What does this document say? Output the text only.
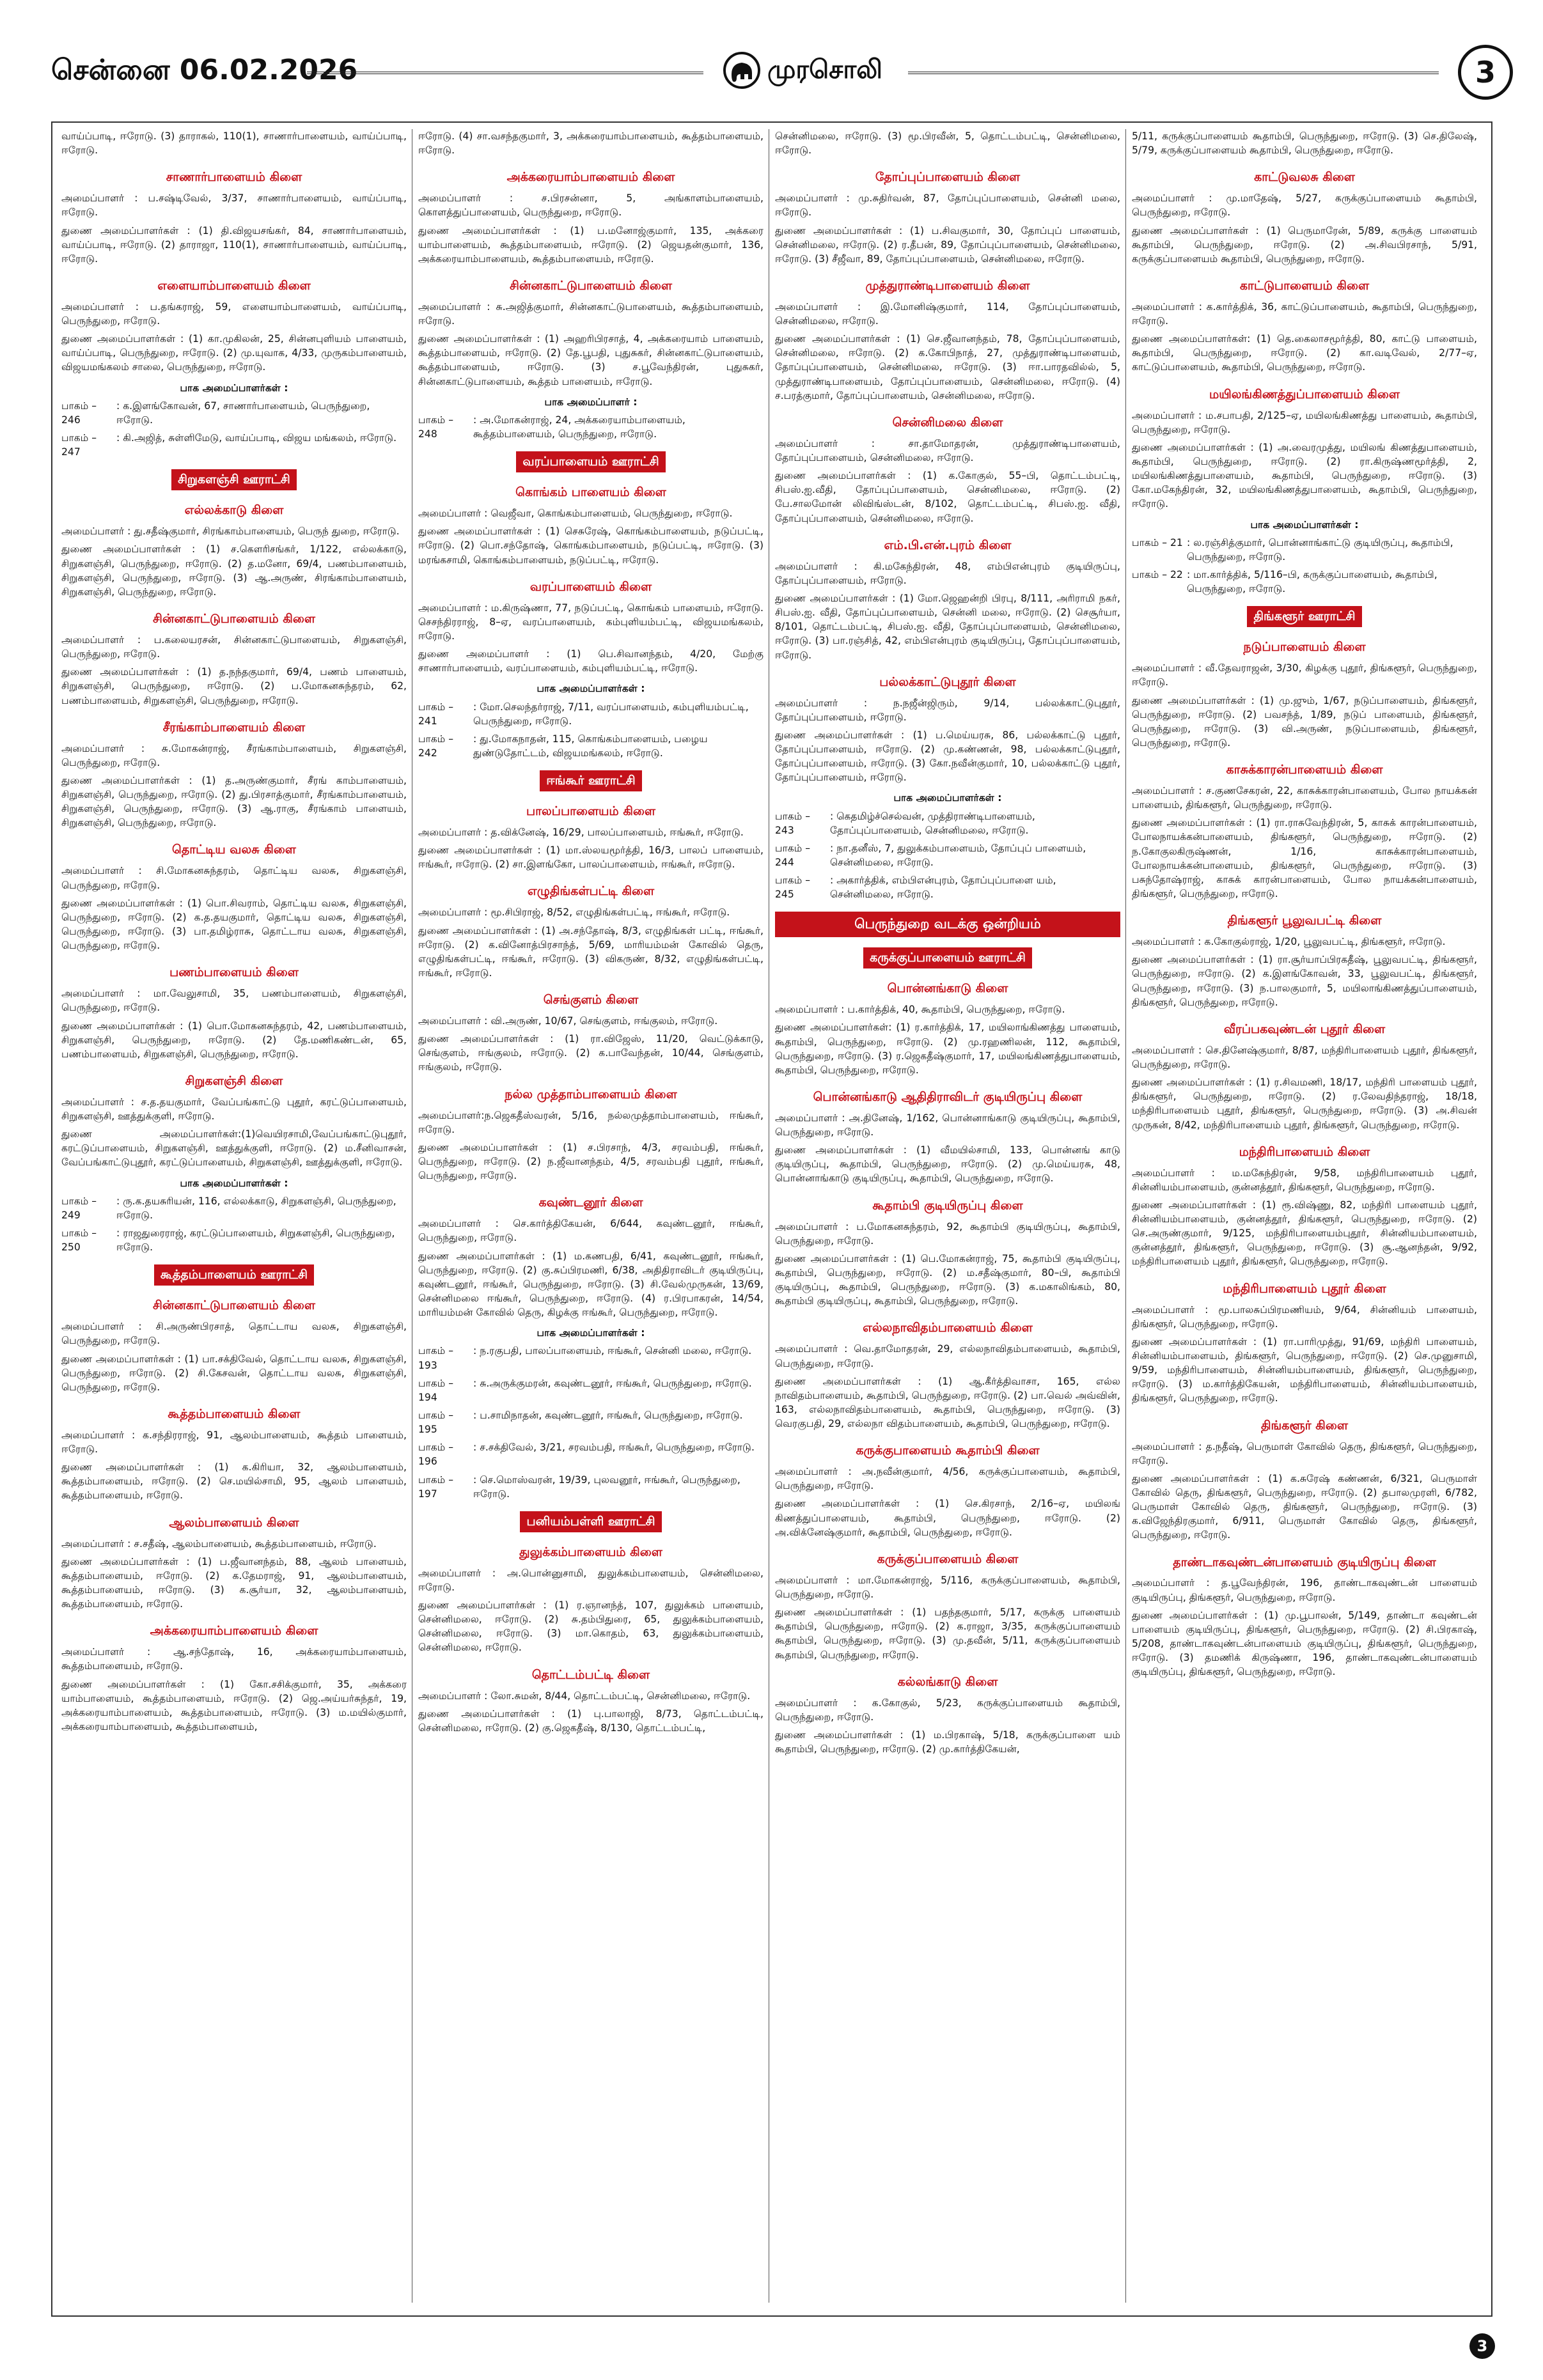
சென்னை 06.02.2026	முரசொலி	3
வாய்ப்பாடி, ஈரோடு. (3) தாராகல், 110(1), சாணார்பாளையம், வாய்ப்பாடி, ஈரோடு.
சாணார்பாளையம் கிளை
அமைப்பாளர் : ப.சஷ்டிவேல், 3/37, சாணார்பாளையம், வாய்ப்பாடி, ஈரோடு.
துணை அமைப்பாளர்கள் : (1) தி.விஜயசங்கர், 84, சாணார்பாளையம், வாய்ப்பாடி, ஈரோடு. (2) தாராஜா, 110(1), சாணார்பாளையம், வாய்ப்பாடி, ஈரோடு.
எளையாம்பாளையம் கிளை
அமைப்பாளர் : ப.தங்கராஜ், 59, எளையாம்பாளையம், வாய்ப்பாடி, பெருந்துறை, ஈரோடு.
துணை அமைப்பாளர்கள் : (1) கா.முகிலன், 25, சின்னபுளியம் பாளையம், வாய்ப்பாடி, பெருந்துறை, ஈரோடு. (2) மு.யுவாக, 4/33, முருகம்பாளையம், விஜயமங்கலம் சாலை, பெருந்துறை, ஈரோடு.
பாக அமைப்பாளர்கள் :
பாகம் – 246
: க.இளங்கோவன், 67, சாணார்பாளையம், பெருந்துறை, ஈரோடு.
பாகம் – 247
: கி.அஜித், சுள்ளிமேடு, வாய்ப்பாடி, விஜய மங்கலம், ஈரோடு.
சிறுகளஞ்சி ஊராட்சி
எல்லக்காடு கிளை
அமைப்பாளர் : து.சதீஷ்குமார், சிரங்காம்பாளையம், பெருந் துறை, ஈரோடு.
துணை அமைப்பாளர்கள் : (1) ச.கௌரிசங்கர், 1/122, எல்லக்காடு, சிறுகளஞ்சி, பெருந்துறை, ஈரோடு. (2) த.மனோ, 69/4, பணம்பாளையம், சிறுகளஞ்சி, பெருந்துறை, ஈரோடு. (3) ஆ.அருண், சிரங்காம்பாளையம், சிறுகளஞ்சி, பெருந்துறை, ஈரோடு.
சின்னகாட்டுபாளையம் கிளை
அமைப்பாளர் : ப.கலையரசன், சின்னகாட்டுபாளையம், சிறுகளஞ்சி, பெருந்துறை, ஈரோடு.
துணை அமைப்பாளர்கள் : (1) த.நந்தகுமார், 69/4, பணம் பாளையம், சிறுகளஞ்சி, பெருந்துறை, ஈரோடு. (2) ப.மோகனசுந்தரம், 62, பணம்பாளையம், சிறுகளஞ்சி, பெருந்துறை, ஈரோடு.
சீரங்காம்பாளையம் கிளை
அமைப்பாளர் : சு.மோகன்ராஜ், சீரங்காம்பாளையம், சிறுகளஞ்சி, பெருந்துறை, ஈரோடு.
துணை அமைப்பாளர்கள் : (1) த.அருண்குமார், சீரங் காம்பாளையம், சிறுகளஞ்சி, பெருந்துறை, ஈரோடு. (2) து.பிரசாத்குமார், சீரங்காம்பாளையம், சிறுகளஞ்சி, பெருந்துறை, ஈரோடு. (3) ஆ.ராகு, சீரங்காம் பாளையம், சிறுகளஞ்சி, பெருந்துறை, ஈரோடு.
தொட்டிய வலசு கிளை
அமைப்பாளர் : சி.மோகனசுந்தரம், தொட்டிய வலசு, சிறுகளஞ்சி, பெருந்துறை, ஈரோடு.
துணை அமைப்பாளர்கள் : (1) பொ.சிவராம், தொட்டிய வலசு, சிறுகளஞ்சி, பெருந்துறை, ஈரோடு. (2) க.த.தயகுமார், தொட்டிய வலசு, சிறுகளஞ்சி, பெருந்துறை, ஈரோடு. (3) பா.தமிழ்ராசு, தொட்டாய வலசு, சிறுகளஞ்சி, பெருந்துறை, ஈரோடு.
பணம்பாளையம் கிளை
அமைப்பாளர் : மா.வேலுசாமி, 35, பணம்பாளையம், சிறுகளஞ்சி, பெருந்துறை, ஈரோடு.
துணை அமைப்பாளர்கள் : (1) பொ.மோகனசுந்தரம், 42, பணம்பாளையம், சிறுகளஞ்சி, பெருந்துறை, ஈரோடு. (2) தே.மணிகண்டன், 65, பணம்பாளையம், சிறுகளஞ்சி, பெருந்துறை, ஈரோடு.
சிறுகளஞ்சி கிளை
அமைப்பாளர் : ச.த.தயகுமார், வேப்பங்காட்டு புதூர், கரட்டுப்பாளையம், சிறுகளஞ்சி, ஊத்துக்குளி, ஈரோடு.
துணை அமைப்பாளர்கள்:(1)வெயிரசாமி,வேப்பங்காட்டுபுதூர், கரட்டுப்பாளையம், சிறுகளஞ்சி, ஊத்துக்குளி, ஈரோடு. (2) ம.சீனிவாசன், வேப்பங்காட்டுபுதூர், கரட்டுப்பாளையம், சிறுகளஞ்சி, ஊத்துக்குளி, ஈரோடு.
பாக அமைப்பாளர்கள் :
பாகம் – 249
: ரு.க.தயசுரியன், 116, எல்லக்காடு, சிறுகளஞ்சி, பெருந்துறை, ஈரோடு.
பாகம் – 250
: ராஜதுரைராஜ், கரட்டுப்பாளையம், சிறுகளஞ்சி, பெருந்துறை, ஈரோடு.
கூத்தம்பாளையம் ஊராட்சி
சின்னகாட்டுபாளையம் கிளை
அமைப்பாளர் : சி.அருண்பிரசாத், தொட்டாய வலசு, சிறுகளஞ்சி, பெருந்துறை, ஈரோடு.
துணை அமைப்பாளர்கள் : (1) பா.சக்திவேல், தொட்டாய வலசு, சிறுகளஞ்சி, பெருந்துறை, ஈரோடு. (2) சி.கேசவன், தொட்டாய வலசு, சிறுகளஞ்சி, பெருந்துறை, ஈரோடு.
கூத்தம்பாளையம் கிளை
அமைப்பாளர் : க.சந்திரராஜ், 91, ஆலம்பாளையம், கூத்தம் பாளையம், ஈரோடு.
துணை அமைப்பாளர்கள் : (1) க.கிரியா, 32, ஆலம்பாளையம், கூத்தம்பாளையம், ஈரோடு. (2) செ.மயில்சாமி, 95, ஆலம் பாளையம், கூத்தம்பாளையம், ஈரோடு.
ஆலம்பாளையம் கிளை
அமைப்பாளர் : ச.சதீஷ், ஆலம்பாளையம், கூத்தம்பாளையம், ஈரோடு.
துணை அமைப்பாளர்கள் : (1) ப.ஜீவானந்தம், 88, ஆலம் பாளையம், கூத்தம்பாளையம், ஈரோடு. (2) க.தேமராஜ், 91, ஆலம்பாளையம், கூத்தம்பாளையம், ஈரோடு. (3) க.சூர்யா, 32, ஆலம்பாளையம், கூத்தம்பாளையம், ஈரோடு.
அக்கரையாம்பாளையம் கிளை
அமைப்பாளர் : ஆ.சந்தோஷ், 16, அக்கரையாம்பாளையம், கூத்தம்பாளையம், ஈரோடு.
துணை அமைப்பாளர்கள் : (1) கோ.சசிக்குமார், 35, அக்கரை யாம்பாளையம், கூத்தம்பாளையம், ஈரோடு. (2) ஜெ.அய்யர்சுந்தர், 19, அக்கரையாம்பாளையம், கூத்தம்பாளையம், ஈரோடு. (3) ம.மயில்குமார், அக்கரையாம்பாளையம், கூத்தம்பாளையம்,
ஈரோடு. (4) சா.வசந்தகுமார், 3, அக்கரையாம்பாளையம், கூத்தம்பாளையம், ஈரோடு.
அக்கரையாம்பாளையம் கிளை
அமைப்பாளர் : ச.பிரசன்னா, 5, அங்காளம்பாளையம், கொளத்துப்பாளையம், பெருந்துறை, ஈரோடு.
துணை அமைப்பாளர்கள் : (1) ப.மனோஜ்குமார், 135, அக்கரை யாம்பாளையம், கூத்தம்பாளையம், ஈரோடு. (2) ஜெயதன்குமார், 136, அக்கரையாம்பாளையம், கூத்தம்பாளையம், ஈரோடு.
சின்னகாட்டுபாளையம் கிளை
அமைப்பாளர் : சு.அஜித்குமார், சின்னகாட்டுபாளையம், கூத்தம்பாளையம், ஈரோடு.
துணை அமைப்பாளர்கள் : (1) அஹரிபிரசாத், 4, அக்கரையாம் பாளையம், கூத்தம்பாளையம், ஈரோடு. (2) தே.பூபதி, புதுசுகர், சின்னகாட்டுபாளையம், கூத்தம்பாளையம், ஈரோடு. (3) ச.பூவேந்திரன், புதுசுகர், சின்னகாட்டுபாளையம், கூத்தம் பாளையம், ஈரோடு.
பாக அமைப்பாளர் :
பாகம் – 248
: அ.மோகன்ராஜ், 24, அக்கரையாம்பாளையம், கூத்தம்பாளையம், பெருந்துறை, ஈரோடு.
வரப்பாளையம் ஊராட்சி
கொங்கம் பாளையம் கிளை
அமைப்பாளர் : வெஜீவா, கொங்கம்பாளையம், பெருந்துறை, ஈரோடு.
துணை அமைப்பாளர்கள் : (1) செசுரேஷ், கொங்கம்பாளையம், நடுப்பட்டி, ஈரோடு. (2) பொ.சந்தோஷ், கொங்கம்பாளையம், நடுப்பட்டி, ஈரோடு. (3) மரங்கசாமி, கொங்கம்பாளையம், நடுப்பட்டி, ஈரோடு.
வரப்பாளையம் கிளை
அமைப்பாளர் : ம.கிருஷ்ணா, 77, நடுப்பட்டி, கொங்கம் பாளையம், ஈரோடு. செசந்திரராஜ், 8–ஏ, வரப்பாளையம், கம்புளியம்பட்டி, விஜயமங்கலம், ஈரோடு.
துணை அமைப்பாளர் : (1) பெ.சிவானந்தம், 4/20, மேற்கு சாணார்பாளையம், வரப்பாளையம், கம்புளியம்பட்டி, ஈரோடு.
பாக அமைப்பாளர்கள் :
பாகம் – 241
: மோ.செலந்தர்ராஜ், 7/11, வரப்பாளையம், கம்புளியம்பட்டி, பெருந்துறை, ஈரோடு.
பாகம் – 242
: து.மோகநாதன், 115, கொங்கம்பாளையம், பழைய துண்டுதோட்டம், விஜயமங்கலம், ஈரோடு.
ஈங்கூர் ஊராட்சி
பாலப்பாளையம் கிளை
அமைப்பாளர் : த.விக்னேஷ், 16/29, பாலப்பாளையம், ஈங்கூர், ஈரோடு.
துணை அமைப்பாளர்கள் : (1) மா.ஸ்லயமூர்த்தி, 16/3, பாலப் பாளையம், ஈங்கூர், ஈரோடு. (2) சா.இளங்கோ, பாலப்பாளையம், ஈங்கூர், ஈரோடு.
எழுதிங்கள்பட்டி கிளை
அமைப்பாளர் : மூ.சிபிராஜ், 8/52, எழுதிங்கள்பட்டி, ஈங்கூர், ஈரோடு.
துணை அமைப்பாளர்கள் : (1) அ.சந்தோஷ், 8/3, எழுதிங்கள் பட்டி, ஈங்கூர், ஈரோடு. (2) க.வினோத்பிரசாந்த், 5/69, மாரியம்மன் கோவில் தெரு, எழுதிங்கள்பட்டி, ஈங்கூர், ஈரோடு. (3) விகருண், 8/32, எழுதிங்கள்பட்டி, ஈங்கூர், ஈரோடு.
செங்குளம் கிளை
அமைப்பாளர் : வி.அருண், 10/67, செங்குளம், ஈங்குலம், ஈரோடு.
துணை அமைப்பாளர்கள் : (1) ரா.விஜேஸ், 11/20, வெட்டுக்காடு, செங்குளம், ஈங்குலம், ஈரோடு. (2) க.பாவேந்தன், 10/44, செங்குளம், ஈங்குலம், ஈரோடு.
நல்ல முத்தாம்பாளையம் கிளை
அமைப்பாளர்:ந.ஜெகதீஸ்வரன், 5/16, நல்லமுத்தாம்பாளையம், ஈங்கூர், ஈரோடு.
துணை அமைப்பாளர்கள் : (1) ச.பிரசாந், 4/3, சரவம்பதி, ஈங்கூர், பெருந்துறை, ஈரோடு. (2) ந.ஜீவானந்தம், 4/5, சரவம்பதி புதூர், ஈங்கூர், பெருந்துறை, ஈரோடு.
கவுண்டனூர் கிளை
அமைப்பாளர் : செ.கார்த்திகேயன், 6/644, கவுண்டனூர், ஈங்கூர், பெருந்துறை, ஈரோடு.
துணை அமைப்பாளர்கள் : (1) ம.கணபதி, 6/41, கவுண்டனூர், ஈங்கூர், பெருந்துறை, ஈரோடு. (2) கு.சுப்பிரமணி, 6/38, அதிதிராவிடர் குடியிருப்பு, கவுண்டனூர், ஈங்கூர், பெருந்துறை, ஈரோடு. (3) சி.வேல்முருகன், 13/69, சென்னிமலை ஈங்கூர், பெருந்துறை, ஈரோடு. (4) ர.பிரபாகரன், 14/54, மாரியம்மன் கோவில் தெரு, கிழக்கு ஈங்கூர், பெருந்துறை, ஈரோடு.
பாக அமைப்பாளர்கள் :
பாகம் – 193
: ந.ரகுபதி, பாலப்பாளையம், ஈங்கூர், சென்னி மலை, ஈரோடு.
பாகம் – 194
: சு.அருக்குமரன், கவுண்டனூர், ஈங்கூர், பெருந்துறை, ஈரோடு.
பாகம் – 195
: ப.சாமிநாதன், கவுண்டனூர், ஈங்கூர், பெருந்துறை, ஈரோடு.
பாகம் – 196
: ச.சக்திவேல், 3/21, சரவம்பதி, ஈங்கூர், பெருந்துறை, ஈரோடு.
பாகம் – 197
: செ.மொஸ்வரன், 19/39, புலவனூர், ஈங்கூர், பெருந்துறை, ஈரோடு.
பனியம்பள்ளி ஊராட்சி
துலுக்கம்பாளையம் கிளை
அமைப்பாளர் : அ.பொன்னுசாமி, துலுக்கம்பாளையம், சென்னிமலை, ஈரோடு.
துணை அமைப்பாளர்கள் : (1) ர.ஞானந்த், 107, துலுக்கம் பாளையம், சென்னிமலை, ஈரோடு. (2) சு.தம்பிதுரை, 65, துலுக்கம்பாளையம், சென்னிமலை, ஈரோடு. (3) மா.கொதம், 63, துலுக்கம்பாளையம், சென்னிமலை, ஈரோடு.
தொட்டம்பட்டி கிளை
அமைப்பாளர் : லோ.சுமன், 8/44, தொட்டம்பட்டி, சென்னிமலை, ஈரோடு.
துணை அமைப்பாளர்கள் : (1) பு.பாலாஜி, 8/73, தொட்டம்பட்டி, சென்னிமலை, ஈரோடு. (2) கு.ஜெகதீஷ், 8/130, தொட்டம்பட்டி,
சென்னிமலை, ஈரோடு. (3) மூ.பிரவீன், 5, தொட்டம்பட்டி, சென்னிமலை, ஈரோடு.
தோப்புப்பாளையம் கிளை
அமைப்பாளர் : மு.சுதிர்வன், 87, தோப்புப்பாளையம், சென்னி மலை, ஈரோடு.
துணை அமைப்பாளர்கள் : (1) ப.சிவகுமார், 30, தோப்புப் பாளையம், சென்னிமலை, ஈரோடு. (2) ர.தீபன், 89, தோப்புப்பாளையம், சென்னிமலை, ஈரோடு. (3) சீஜீவா, 89, தோப்புப்பாளையம், சென்னிமலை, ஈரோடு.
முத்துராண்டிபாளையம் கிளை
அமைப்பாளர் : இ.மோனிஷ்குமார், 114, தோப்புப்பாளையம், சென்னிமலை, ஈரோடு.
துணை அமைப்பாளர்கள் : (1) செ.ஜீவானந்தம், 78, தோப்புப்பாளையம், சென்னிமலை, ஈரோடு. (2) க.கோபிநாத், 27, முத்துராண்டிபாளையம், தோப்புப்பாளையம், சென்னிமலை, ஈரோடு. (3) ஈா.பாரதவில்ல், 5, முத்துராண்டிபாளையம், தோப்புப்பாளையம், சென்னிமலை, ஈரோடு. (4) ச.பரத்குமார், தோப்புப்பாளையம், சென்னிமலை, ஈரோடு.
சென்னிமலை கிளை
அமைப்பாளர் : சா.தாமோதரன், முத்துராண்டிபாளையம், தோப்புப்பாளையம், சென்னிமலை, ஈரோடு.
துணை அமைப்பாளர்கள் : (1) க.கோகுல், 55–பி, தொட்டம்பட்டி, சிபஸ்.ஐ.வீதி, தோப்புப்பாளையம், சென்னிமலை, ஈரோடு. (2) பே.சாலமோன் லிவிங்ஸ்டன், 8/102, தொட்டம்பட்டி, சிபஸ்.ஐ. வீதி, தோப்புப்பாளையம், சென்னிமலை, ஈரோடு.
எம்.பி.என்.புரம் கிளை
அமைப்பாளர் : கி.மகேந்திரன், 48, எம்பிஎன்புரம் குடியிருப்பு, தோப்புப்பாளையம், ஈரோடு.
துணை அமைப்பாளர்கள் : (1) மோ.ஜெஹன்றி பிரபு, 8/111, அரிராமி நகர், சிபஸ்.ஐ. வீதி, தோப்புப்பாளையம், சென்னி மலை, ஈரோடு. (2) செசூர்யா, 8/101, தொட்டம்பட்டி, சிபஸ்.ஐ. வீதி, தோப்புப்பாளையம், சென்னிமலை, ஈரோடு. (3) பா.ரஞ்சித், 42, எம்பிஎன்புரம் குடியிருப்பு, தோப்புப்பாளையம், ஈரோடு.
பல்லக்காட்டுபுதூர் கிளை
அமைப்பாளர் : ந.நஜீன்ஜிரும், 9/14, பல்லக்காட்டுபுதூர், தோப்புப்பாளையம், ஈரோடு.
துணை அமைப்பாளர்கள் : (1) ப.மெய்யரசு, 86, பல்லக்காட்டு புதூர், தோப்புப்பாளையம், ஈரோடு. (2) மு.கண்ணன், 98, பல்லக்காட்டுபுதூர், தோப்புப்பாளையம், ஈரோடு. (3) கோ.நவீன்குமார், 10, பல்லக்காட்டு புதூர், தோப்புப்பாளையம், ஈரோடு.
பாக அமைப்பாளர்கள் :
பாகம் – 243
: கெதமிழ்ச்செல்வன், முத்திராண்டிபாளையம், தோப்புப்பாளையம், சென்னிமலை, ஈரோடு.
பாகம் – 244
: நா.தனீஸ், 7, துலுக்கம்பாளையம், தோப்புப் பாளையம், சென்னிமலை, ஈரோடு.
பாகம் – 245
: அகார்த்திக், எம்பிஎன்புரம், தோப்புப்பாளை யம், சென்னிமலை, ஈரோடு.
பெருந்துறை வடக்கு ஒன்றியம்
கருக்குப்பாளையம் ஊராட்சி
பொன்னங்காடு கிளை
அமைப்பாளர் : ப.கார்த்திக், 40, கூதாம்பி, பெருந்துறை, ஈரோடு.
துணை அமைப்பாளர்கள்: (1) ர.கார்த்திக், 17, மயிலாங்கிணத்து பாளையம், கூதாம்பி, பெருந்துறை, ஈரோடு. (2) மு.ரஹணிலன், 112, கூதாம்பி, பெருந்துறை, ஈரோடு. (3) ர.ஜெகதீஷ்குமார், 17, மயிலங்கிணத்துபாளையம், கூதாம்பி, பெருந்துறை, ஈரோடு.
பொன்னங்காடு ஆதிதிராவிடர் குடியிருப்பு கிளை
அமைப்பாளர் : அ.தினேஷ், 1/162, பொன்னாங்காடு குடியிருப்பு, கூதாம்பி, பெருந்துறை, ஈரோடு.
துணை அமைப்பாளர்கள் : (1) வீமயில்சாமி, 133, பொன்னங் காடு குடியிருப்பு, கூதாம்பி, பெருந்துறை, ஈரோடு. (2) மு.மெய்யரசு, 48, பொன்னாங்காடு குடியிருப்பு, கூதாம்பி, பெருந்துறை, ஈரோடு.
கூதாம்பி குடியிருப்பு கிளை
அமைப்பாளர் : ப.மோகனசுந்தரம், 92, கூதாம்பி குடியிருப்பு, கூதாம்பி, பெருந்துறை, ஈரோடு.
துணை அமைப்பாளர்கள் : (1) பெ.மோகன்ராஜ், 75, கூதாம்பி குடியிருப்பு, கூதாம்பி, பெருந்துறை, ஈரோடு. (2) ம.சதீஷ்குமார், 80–பி, கூதாம்பி குடியிருப்பு, கூதாம்பி, பெருந்துறை, ஈரோடு. (3) க.மகாலிங்கம், 80, கூதாம்பி குடியிருப்பு, கூதாம்பி, பெருந்துறை, ஈரோடு.
எல்லநாவிதம்பாளையம் கிளை
அமைப்பாளர் : வெ.தாமோதரன், 29, எல்லநாவிதம்பாளையம், கூதாம்பி, பெருந்துறை, ஈரோடு.
துணை அமைப்பாளர்கள் : (1) ஆ.கீர்த்திவாசா, 165, எல்ல நாவிதம்பாளையம், கூதாம்பி, பெருந்துறை, ஈரோடு. (2) பா.வெல் அவ்வின், 163, எல்லநாவிதம்பாளையம், கூதாம்பி, பெருந்துறை, ஈரோடு. (3) வெரகுபதி, 29, எல்லநா விதம்பாளையம், கூதாம்பி, பெருந்துறை, ஈரோடு.
கருக்குபாளையம் கூதாம்பி கிளை
அமைப்பாளர் : அ.நவீன்குமார், 4/56, கருக்குப்பாளையம், கூதாம்பி, பெருந்துறை, ஈரோடு.
துணை அமைப்பாளர்கள் : (1) செ.கிரசாந், 2/16–ஏ, மயிலங் கிணத்துப்பாளையம், கூதாம்பி, பெருந்துறை, ஈரோடு. (2) அ.விக்னேஷ்குமார், கூதாம்பி, பெருந்துறை, ஈரோடு.
கருக்குப்பாளையம் கிளை
அமைப்பாளர் : மா.மோகன்ராஜ், 5/116, கருக்குப்பாளையம், கூதாம்பி, பெருந்துறை, ஈரோடு.
துணை அமைப்பாளர்கள் : (1) பதந்தகுமார், 5/17, கருக்கு பாளையம் கூதாம்பி, பெருந்துறை, ஈரோடு. (2) க.ராஜா, 3/35, கருக்குப்பாளையம் கூதாம்பி, பெருந்துறை, ஈரோடு. (3) மு.தவீன், 5/11, கருக்குப்பாளையம் கூதாம்பி, பெருந்துறை, ஈரோடு.
கல்லங்காடு கிளை
அமைப்பாளர் : க.கோகுல், 5/23, கருக்குப்பாளையம் கூதாம்பி, பெருந்துறை, ஈரோடு.
துணை அமைப்பாளர்கள் : (1) ம.பிரகாஷ், 5/18, கருக்குப்பாளை யம் கூதாம்பி, பெருந்துறை, ஈரோடு. (2) மு.கார்த்திகேயன்,
5/11, கருக்குப்பாளையம் கூதாம்பி, பெருந்துறை, ஈரோடு. (3) செ.திலேஷ், 5/79, கருக்குப்பாளையம் கூதாம்பி, பெருந்துறை, ஈரோடு.
காட்டுவலசு கிளை
அமைப்பாளர் : மு.மாதேஷ், 5/27, கருக்குப்பாளையம் கூதாம்பி, பெருந்துறை, ஈரோடு.
துணை அமைப்பாளர்கள் : (1) பெருமாரேன், 5/89, கருக்கு பாளையம் கூதாம்பி, பெருந்துறை, ஈரோடு. (2) அ.சிவபிரசாந், 5/91, கருக்குப்பாளையம் கூதாம்பி, பெருந்துறை, ஈரோடு.
காட்டுபாளையம் கிளை
அமைப்பாளர் : க.கார்த்திக், 36, காட்டுப்பாளையம், கூதாம்பி, பெருந்துறை, ஈரோடு.
துணை அமைப்பாளர்கள்: (1) தெ.கைலாசமூர்த்தி, 80, காட்டு பாளையம், கூதாம்பி, பெருந்துறை, ஈரோடு. (2) கா.வடிவேல், 2/77–ஏ, காட்டுப்பாளையம், கூதாம்பி, பெருந்துறை, ஈரோடு.
மயிலங்கிணத்துப்பாளையம் கிளை
அமைப்பாளர் : ம.சபாபதி, 2/125–ஏ, மயிலங்கிணத்து பாளையம், கூதாம்பி, பெருந்துறை, ஈரோடு.
துணை அமைப்பாளர்கள் : (1) அ.வைரமுத்து, மயிலங் கிணத்துபாளையம், கூதாம்பி, பெருந்துறை, ஈரோடு. (2) ரா.கிருஷ்ணமூர்த்தி, 2, மயிலங்கிணத்துபாளையம், கூதாம்பி, பெருந்துறை, ஈரோடு. (3) கோ.மகேந்திரன், 32, மயிலங்கிணத்துபாளையம், கூதாம்பி, பெருந்துறை, ஈரோடு.
பாக அமைப்பாளர்கள் :
பாகம் – 21 : ல.ரஞ்சித்குமார், பொன்னாங்காட்டு குடியிருப்பு, கூதாம்பி, பெருந்துறை, ஈரோடு.
பாகம் – 22 : மா.கார்த்திக், 5/116–பி, கருக்குப்பாளையம், கூதாம்பி, பெருந்துறை, ஈரோடு.
திங்களூர் ஊராட்சி
நடுப்பாளையம் கிளை
அமைப்பாளர் : வீ.தேவராஜன், 3/30, கிழக்கு புதூர், திங்களூர், பெருந்துறை, ஈரோடு.
துணை அமைப்பாளர்கள் : (1) மு.ஜும், 1/67, நடுப்பாளையம், திங்களூர், பெருந்துறை, ஈரோடு. (2) பவசந்த், 1/89, நடுப் பாளையம், திங்களூர், பெருந்துறை, ஈரோடு. (3) வி.அருண், நடுப்பாளையம், திங்களூர், பெருந்துறை, ஈரோடு.
காசுக்காரன்பாளையம் கிளை
அமைப்பாளர் : ச.குணசேகரன், 22, காசுக்காரன்பாளையம், போல நாயக்கன் பாளையம், திங்களூர், பெருந்துறை, ஈரோடு.
துணை அமைப்பாளர்கள் : (1) ரா.ராசுவேந்திரன், 5, காசுக் காரன்பாளையம், போலநாயக்கன்பாளையம், திங்களூர், பெருந்துறை, ஈரோடு. (2) ந.கோகுலகிருஷ்ணன், 1/16, காசுக்காரன்பாளையம், போலநாயக்கன்பாளையம், திங்களூர், பெருந்துறை, ஈரோடு. (3) பசுந்தோஷ்ராஜ், காசுக் காரன்பாளையம், போல நாயக்கன்பாளையம், திங்களூர், பெருந்துறை, ஈரோடு.
திங்களூர் பூலுவபட்டி கிளை
அமைப்பாளர் : க.கோகுல்ராஜ், 1/20, பூலுவபட்டி, திங்களூர், ஈரோடு.
துணை அமைப்பாளர்கள் : (1) ரா.சூர்யாப்பிரகதீஷ், பூலுவபட்டி, திங்களூர், பெருந்துறை, ஈரோடு. (2) க.இளங்கோவன், 33, பூலுவபட்டி, திங்களூர், பெருந்துறை, ஈரோடு. (3) ந.பாலகுமார், 5, மயிலாங்கிணத்துப்பாளையம், திங்களூர், பெருந்துறை, ஈரோடு.
வீரப்பகவுண்டன் புதூர் கிளை
அமைப்பாளர் : செ.தினேஷ்குமார், 8/87, மந்திரிபாளையம் புதூர், திங்களூர், பெருந்துறை, ஈரோடு.
துணை அமைப்பாளர்கள் : (1) ர.சிவமணி, 18/17, மந்திரி பாளையம் புதூர், திங்களூர், பெருந்துறை, ஈரோடு. (2) ர.லேவதிந்தராஜ், 18/18, மந்திரிபாளையம் புதூர், திங்களூர், பெருந்துறை, ஈரோடு. (3) அ.சிவன் முருகன், 8/42, மந்திரிபாளையம் புதூர், திங்களூர், பெருந்துறை, ஈரோடு.
மந்திரிபாளையம் கிளை
அமைப்பாளர் : ம.மகேந்திரன், 9/58, மந்திரிபாளையம் புதூர், சின்னியம்பாளையம், குன்னத்தூர், திங்களூர், பெருந்துறை, ஈரோடு.
துணை அமைப்பாளர்கள் : (1) ரூ.விஷ்ணு, 82, மந்திரி பாளையம் புதூர், சின்னியம்பாளையம், குன்னத்தூர், திங்களூர், பெருந்துறை, ஈரோடு. (2) செ.அருண்குமார், 9/125, மந்திரிபாளையம்புதூர், சின்னியம்பாளையம், குன்னத்தூர், திங்களூர், பெருந்துறை, ஈரோடு. (3) சூ.ஆனந்தன், 9/92, மந்திரிபாளையம் புதூர், திங்களூர், பெருந்துறை, ஈரோடு.
மந்திரிபாளையம் புதூர் கிளை
அமைப்பாளர் : மூ.பாலசுப்பிரமணியம், 9/64, சின்னியம் பாளையம், திங்களூர், பெருந்துறை, ஈரோடு.
துணை அமைப்பாளர்கள் : (1) ரா.பாரிமுத்து, 91/69, மந்திரி பாளையம், சின்னியம்பாளையம், திங்களூர், பெருந்துறை, ஈரோடு. (2) செ.முனுசாமி, 9/59, மந்திரிபாளையம், சின்னியம்பாளையம், திங்களூர், பெருந்துறை, ஈரோடு. (3) ம.கார்த்திகேயன், மந்திரிபாளையம், சின்னியம்பாளையம், திங்களூர், பெருந்துறை, ஈரோடு.
திங்களூர் கிளை
அமைப்பாளர் : த.நதீஷ், பெருமாள் கோவில் தெரு, திங்களூர், பெருந்துறை, ஈரோடு.
துணை அமைப்பாளர்கள் : (1) க.சுரேஷ் கண்ணன், 6/321, பெருமாள் கோவில் தெரு, திங்களூர், பெருந்துறை, ஈரோடு. (2) தபாலமுரளி, 6/782, பெருமாள் கோவில் தெரு, திங்களூர், பெருந்துறை, ஈரோடு. (3) க.விஜேந்திரகுமார், 6/911, பெருமாள் கோவில் தெரு, திங்களூர், பெருந்துறை, ஈரோடு.
தாண்டாகவுண்டன்பாளையம் குடியிருப்பு கிளை
அமைப்பாளர் : த.பூவேந்திரன், 196, தாண்டாகவுண்டன் பாளையம் குடியிருப்பு, திங்களூர், பெருந்துறை, ஈரோடு.
துணை அமைப்பாளர்கள் : (1) மு.பூபாலன், 5/149, தாண்டா கவுண்டன் பாளையம் குடியிருப்பு, திங்களூர், பெருந்துறை, ஈரோடு. (2) சி.பிரகாஷ், 5/208, தாண்டாகவுண்டன்பாளையம் குடியிருப்பு, திங்களூர், பெருந்துறை, ஈரோடு. (3) தமணிக் கிருஷ்ணா, 196, தாண்டாகவுண்டன்பாளையம் குடியிருப்பு, திங்களூர், பெருந்துறை, ஈரோடு.
3
